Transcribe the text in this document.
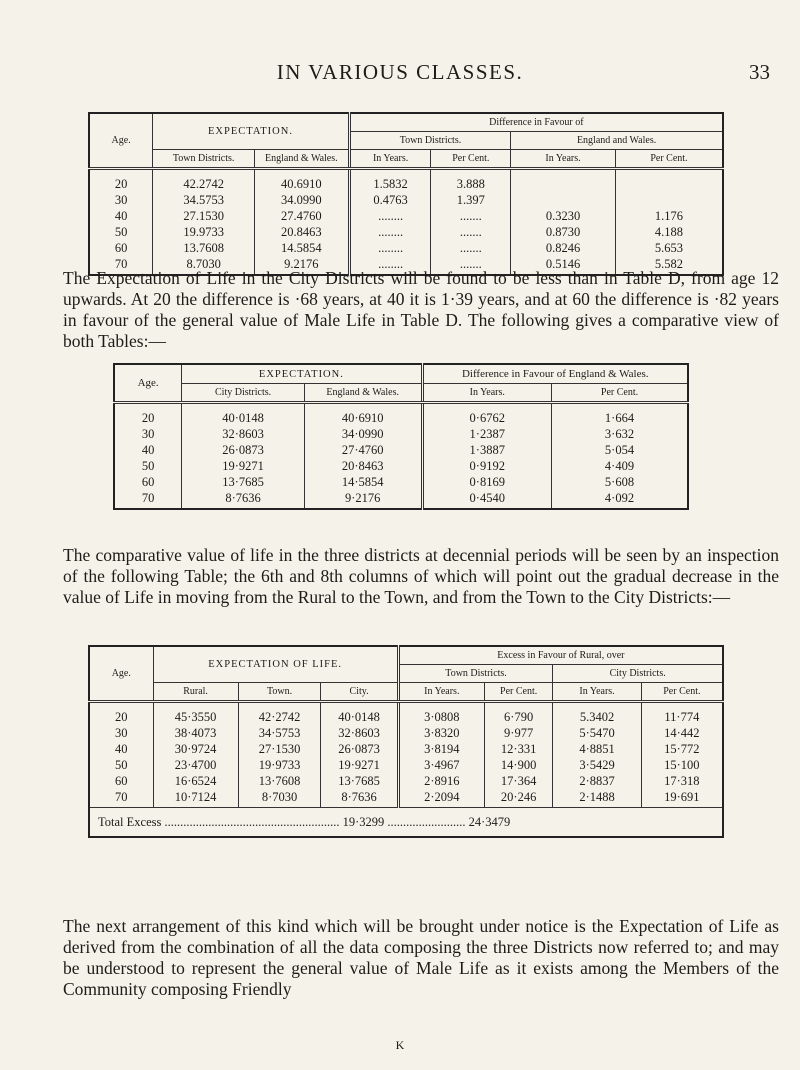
IN VARIOUS CLASSES.	33
Age.	EXPECTATION.		Difference in Favour of			
			Town Districts.		England and Wales.	
	Town Districts.	England & Wales.	In Years.	Per Cent.	In Years.	Per Cent.
20	42.2742	40.6910	1.5832	3.888		
30	34.5753	34.0990	0.4763	1.397		
40	27.1530	27.4760	........	.......	0.3230	1.176
50	19.9733	20.8463	........	.......	0.8730	4.188
60	13.7608	14.5854	........	.......	0.8246	5.653
70	8.7030	9.2176	........	.......	0.5146	5.582

The Expectation of Life in the City Districts will be found to be less than in Table D, from age 12 upwards. At 20 the difference is ·68 years, at 40 it is 1·39 years, and at 60 the difference is ·82 years in favour of the general value of Male Life in Table D. The following gives a comparative view of both Tables:—

Age.	EXPECTATION.		Difference in Favour of England & Wales.	
	City Districts.	England & Wales.	In Years.	Per Cent.
20	40·0148	40·6910	0·6762	1·664
30	32·8603	34·0990	1·2387	3·632
40	26·0873	27·4760	1·3887	5·054
50	19·9271	20·8463	0·9192	4·409
60	13·7685	14·5854	0·8169	5·608
70	8·7636	9·2176	0·4540	4·092

The comparative value of life in the three districts at decennial periods will be seen by an inspection of the following Table; the 6th and 8th columns of which will point out the gradual decrease in the value of Life in moving from the Rural to the Town, and from the Town to the City Districts:—

Age.	EXPECTATION OF LIFE.			Excess in Favour of Rural, over			
				Town Districts.		City Districts.	
	Rural.	Town.	City.	In Years.	Per Cent.	In Years.	Per Cent.
20	45·3550	42·2742	40·0148	3·0808	6·790	5.3402	11·774
30	38·4073	34·5753	32·8603	3·8320	9·977	5·5470	14·442
40	30·9724	27·1530	26·0873	3·8194	12·331	4·8851	15·772
50	23·4700	19·9733	19·9271	3·4967	14·900	3·5429	15·100
60	16·6524	13·7608	13·7685	2·8916	17·364	2·8837	17·318
70	10·7124	8·7030	8·7636	2·2094	20·246	2·1488	19·691
Total Excess ........................................................ 19·3299 ......................... 24·3479							

The next arrangement of this kind which will be brought under notice is the Expectation of Life as derived from the combination of all the data composing the three Districts now referred to; and may be understood to represent the general value of Male Life as it exists among the Members of the Community composing Friendly

K
